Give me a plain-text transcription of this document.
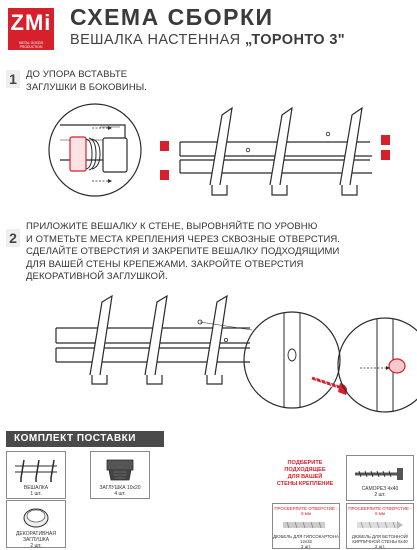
ZMi
METAL GOODS PRODUCTION
СХЕМА СБОРКИ
ВЕШАЛКА НАСТЕННАЯ „ТОРОНТО 3"
1 ДО УПОРА ВСТАВЬТЕ
ЗАГЛУШКИ В БОКОВИНЫ.
2
ПРИЛОЖИТЕ ВЕШАЛКУ К СТЕНЕ, ВЫРОВНЯЙТЕ ПО УРОВНЮ
И ОТМЕТЬТЕ МЕСТА КРЕПЛЕНИЯ ЧЕРЕЗ СКВОЗНЫЕ ОТВЕРСТИЯ.
СДЕЛАЙТЕ ОТВЕРСТИЯ И ЗАКРЕПИТЕ ВЕШАЛКУ ПОДХОДЯЩИМИ
ДЛЯ ВАШЕЙ СТЕНЫ КРЕПЕЖАМИ. ЗАКРОЙТЕ ОТВЕРСТИЯ
ДЕКОРАТИВНОЙ ЗАГЛУШКОЙ.
КОМПЛЕКТ ПОСТАВКИ
ВЕШАЛКА
1 шт.
ЗАГЛУШКА 10х20
4 шт.
ДЕКОРАТИВНАЯ ЗАГЛУШКА
2 шт.
ПОДБЕРИТЕ
ПОДХОДЯЩЕЕ
ДЛЯ ВАШЕЙ
СТЕНЫ КРЕПЛЕНИЕ
САМОРЕЗ 4х40
2 шт.
ПРОСВЕРЛИТЕ ОТВЕРСТИЕ - 8 мм
ДЮБЕЛЬ ДЛЯ ГИПСОКАРТОНА 12х32
2 шт.
ПРОСВЕРЛИТЕ ОТВЕРСТИЕ - 6 мм
ДЮБЕЛЬ ДЛЯ БЕТОННОЙ/КИРПИЧНОЙ СТЕНЫ 6х40
2 шт.
